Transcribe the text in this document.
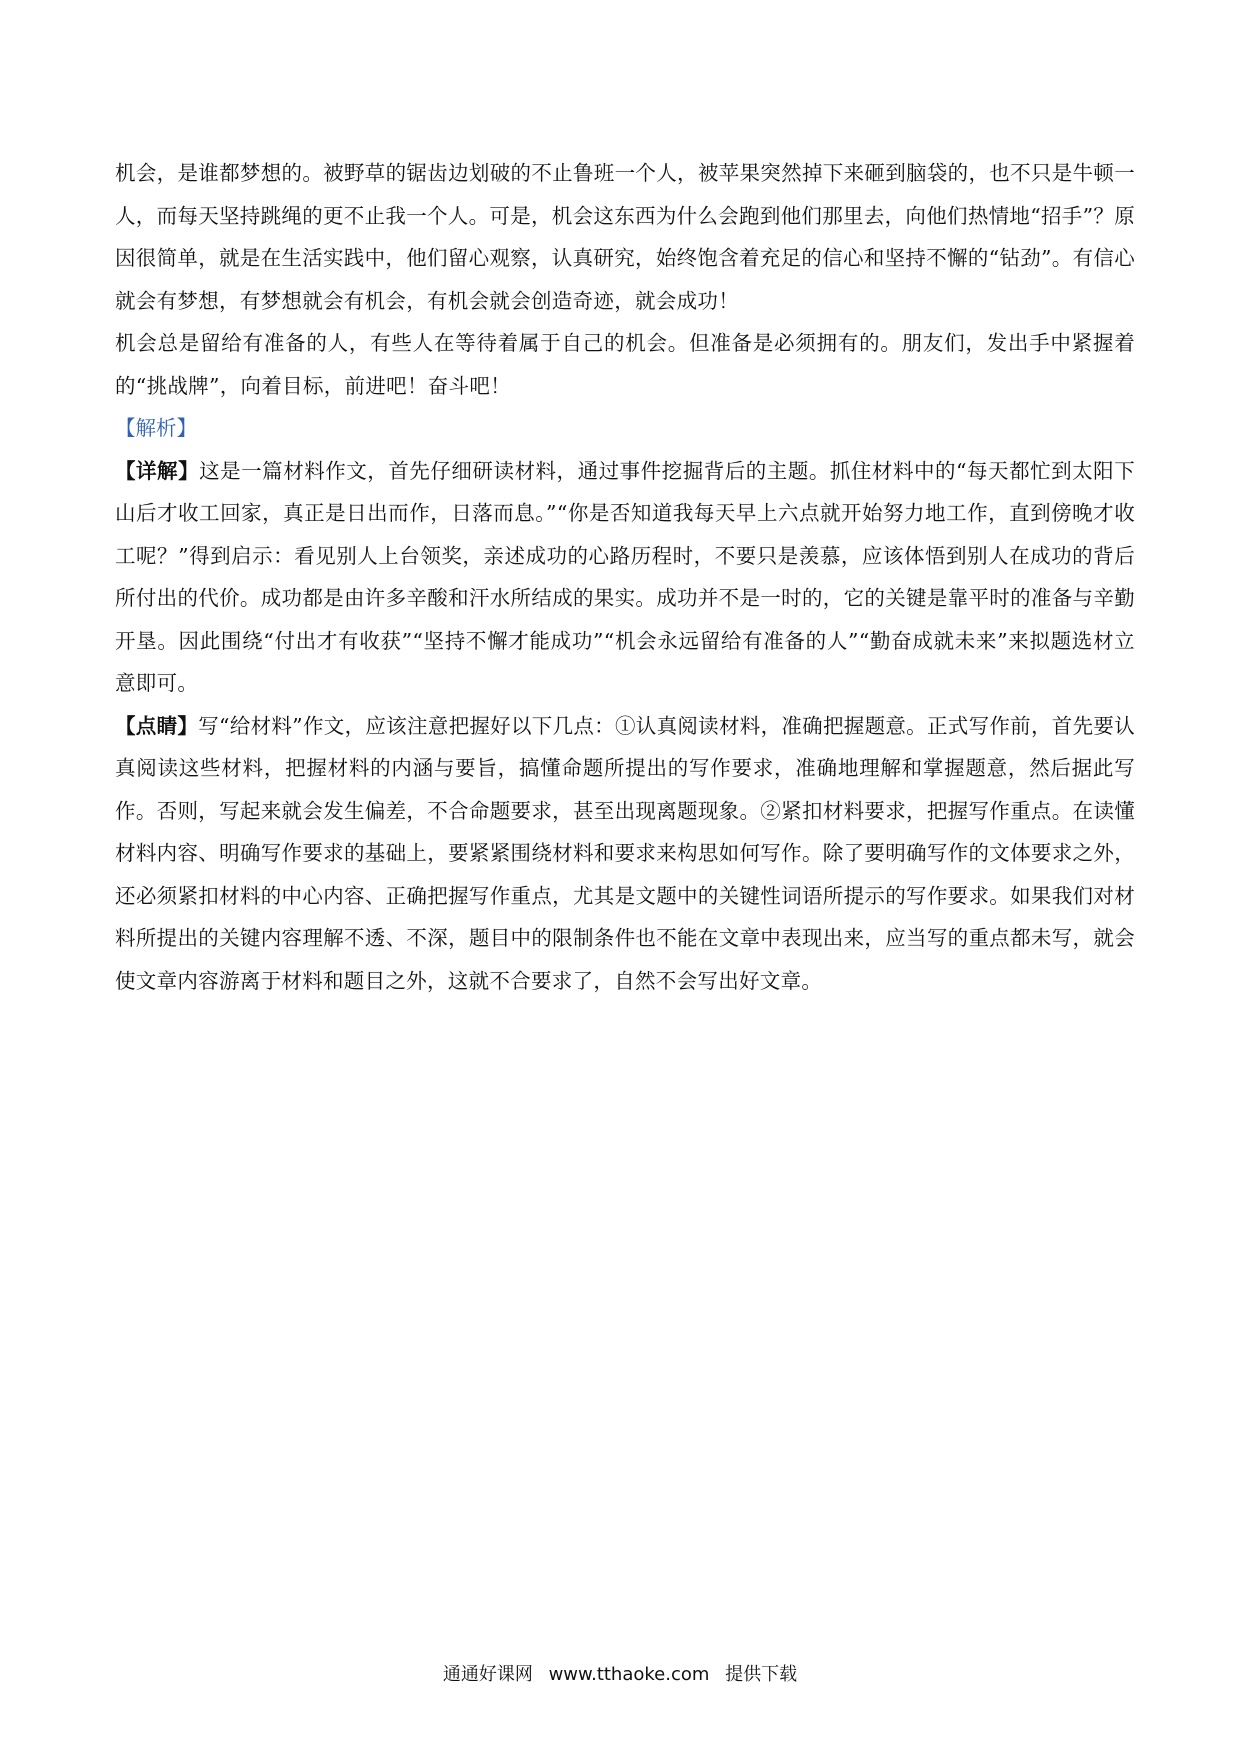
机会，是谁都梦想的。被野草的锯齿边划破的不止鲁班一个人，被苹果突然掉下来砸到脑袋的，也不只是牛顿一人，而每天坚持跳绳的更不止我一个人。可是，机会这东西为什么会跑到他们那里去，向他们热情地“招手”？原因很简单，就是在生活实践中，他们留心观察，认真研究，始终饱含着充足的信心和坚持不懈的“钻劲”。有信心就会有梦想，有梦想就会有机会，有机会就会创造奇迹，就会成功！

机会总是留给有准备的人，有些人在等待着属于自己的机会。但准备是必须拥有的。朋友们，发出手中紧握着的“挑战牌”，向着目标，前进吧！奋斗吧！

【解析】

【详解】这是一篇材料作文，首先仔细研读材料，通过事件挖掘背后的主题。抓住材料中的“每天都忙到太阳下山后才收工回家，真正是日出而作，日落而息。”“你是否知道我每天早上六点就开始努力地工作，直到傍晚才收工呢？”得到启示：看见别人上台领奖，亲述成功的心路历程时，不要只是羡慕，应该体悟到别人在成功的背后所付出的代价。成功都是由许多辛酸和汗水所结成的果实。成功并不是一时的，它的关键是靠平时的准备与辛勤开垦。因此围绕“付出才有收获”“坚持不懈才能成功”“机会永远留给有准备的人”“勤奋成就未来”来拟题选材立意即可。

【点睛】写“给材料”作文，应该注意把握好以下几点：①认真阅读材料，准确把握题意。正式写作前，首先要认真阅读这些材料，把握材料的内涵与要旨，搞懂命题所提出的写作要求，准确地理解和掌握题意，然后据此写作。否则，写起来就会发生偏差，不合命题要求，甚至出现离题现象。②紧扣材料要求，把握写作重点。在读懂材料内容、明确写作要求的基础上，要紧紧围绕材料和要求来构思如何写作。除了要明确写作的文体要求之外，还必须紧扣材料的中心内容、正确把握写作重点，尤其是文题中的关键性词语所提示的写作要求。如果我们对材料所提出的关键内容理解不透、不深，题目中的限制条件也不能在文章中表现出来，应当写的重点都未写，就会使文章内容游离于材料和题目之外，这就不合要求了，自然不会写出好文章。

通通好课网 www.tthaoke.com 提供下载
